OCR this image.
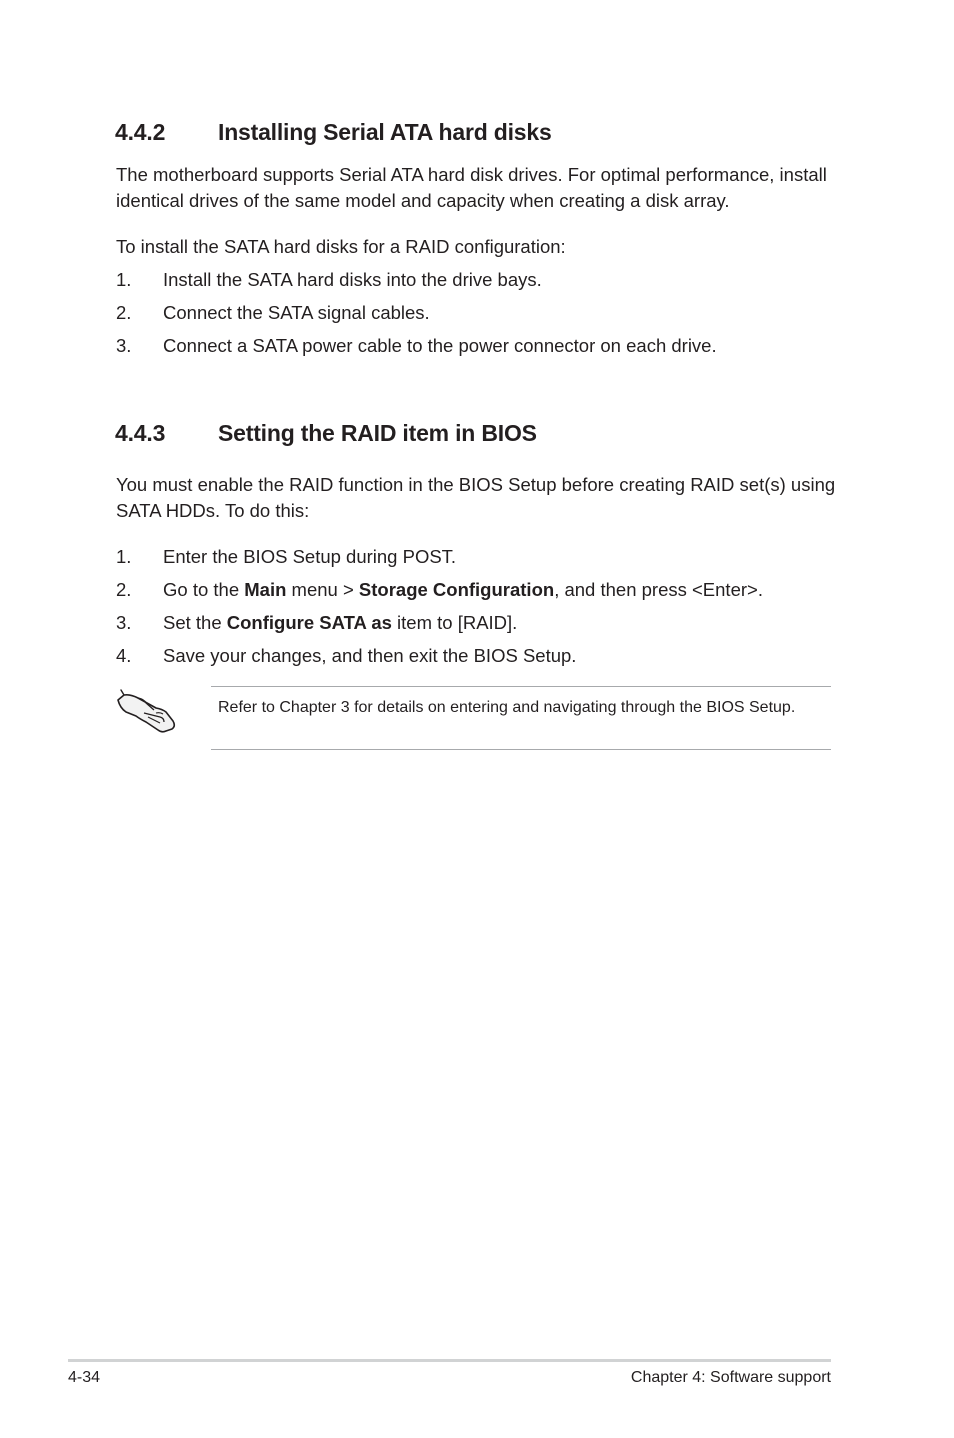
4.4.2 Installing Serial ATA hard disks

The motherboard supports Serial ATA hard disk drives. For optimal performance, install identical drives of the same model and capacity when creating a disk array.

To install the SATA hard disks for a RAID configuration:

1. Install the SATA hard disks into the drive bays.

2. Connect the SATA signal cables.

3. Connect a SATA power cable to the power connector on each drive.

4.4.3 Setting the RAID item in BIOS

You must enable the RAID function in the BIOS Setup before creating RAID set(s) using SATA HDDs. To do this:

1. Enter the BIOS Setup during POST.

2. Go to the Main menu > Storage Configuration, and then press <Enter>.

3. Set the Configure SATA as item to [RAID].

4. Save your changes, and then exit the BIOS Setup.

Refer to Chapter 3 for details on entering and navigating through the BIOS Setup.

4-34	Chapter 4: Software support
